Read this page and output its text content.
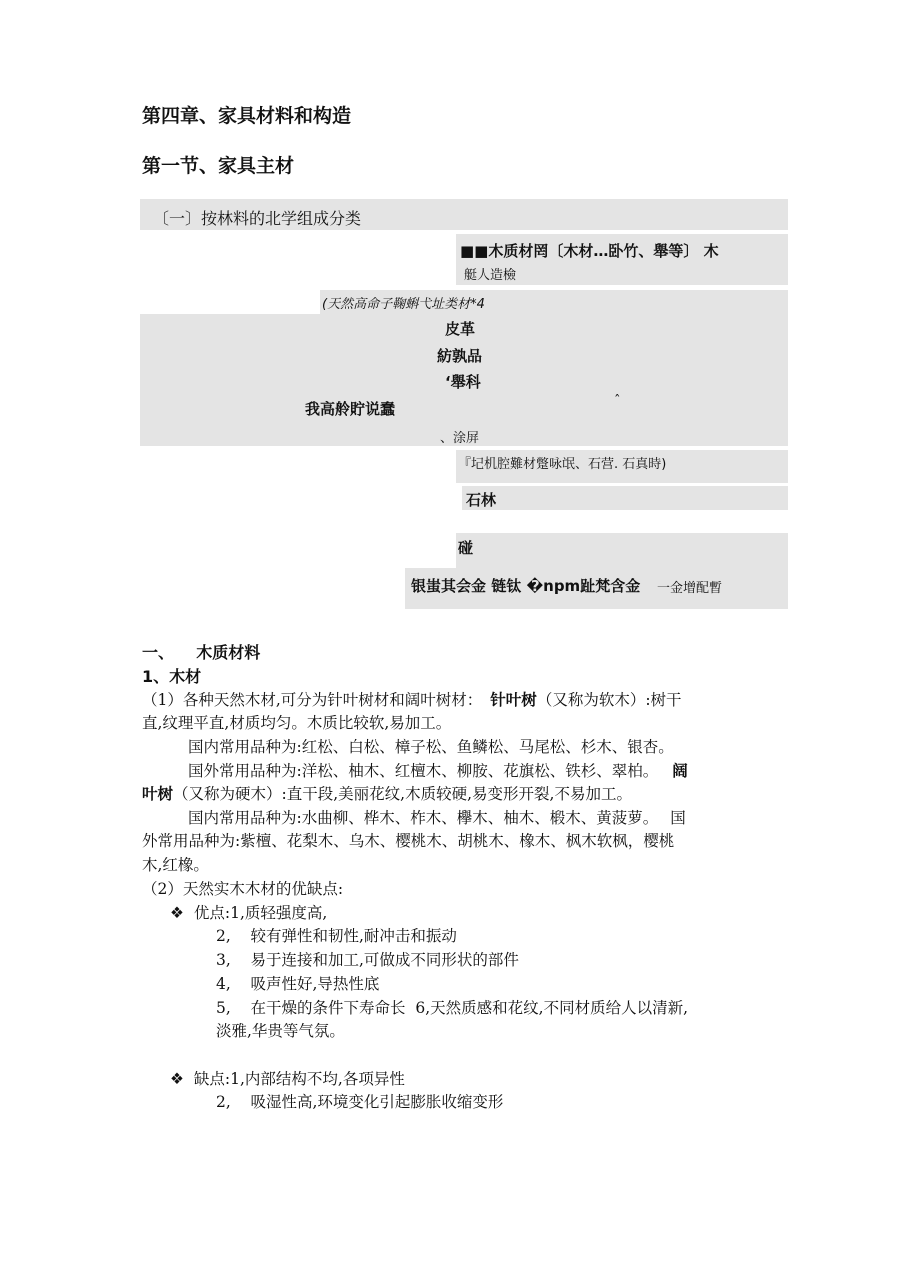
第四章、家具材料和构造
第一节、家具主材
〔一〕按林料的北学组成分类
■■木质材罔〔木材…卧竹、舉等〕 木
艇人造檢
(天然高命子鞠蝌弋址类材*4
皮革
紡孰品
‘舉科
我高舲貯说蠢	ˆ
、涂屏
『圮机腔難材蹩咏氓、石营. 石真時)
石林
碰
银蚩其会金 链钛 �npm趾梵含金 一金增配暫
一、    木质材料
1、木材
（1）各种天然木材,可分为针叶树材和阔叶树材： 针叶树（又称为软木）:树干
直,纹理平直,材质均匀。木质比较软,易加工。
国内常用品种为:红松、白松、樟子松、鱼鳞松、马尾松、杉木、银杏。
国外常用品种为:洋松、柚木、红檀木、柳胺、花旗松、铁杉、翠柏。 阔
叶树（又称为硬木）:直干段,美丽花纹,木质较硬,易变形开裂,不易加工。
国内常用品种为:水曲柳、桦木、柞木、欅木、柚木、椴木、黄菠萝。 国
外常用品种为:紫檀、花梨木、乌木、樱桃木、胡桃木、橡木、枫木软枫，樱桃
木,红橡。
（2）天然实木木材的优缺点:
❖ 优点:1,质轻强度高,
2,    较有弹性和韧性,耐冲击和振动
3,    易于连接和加工,可做成不同形状的部件
4,    吸声性好,导热性底
5,    在干燥的条件下寿命长  6,天然质感和花纹,不同材质给人以清新,
淡雅,华贵等气氛。
❖ 缺点:1,内部结构不均,各项异性
2,    吸湿性高,环境变化引起膨胀收缩变形
